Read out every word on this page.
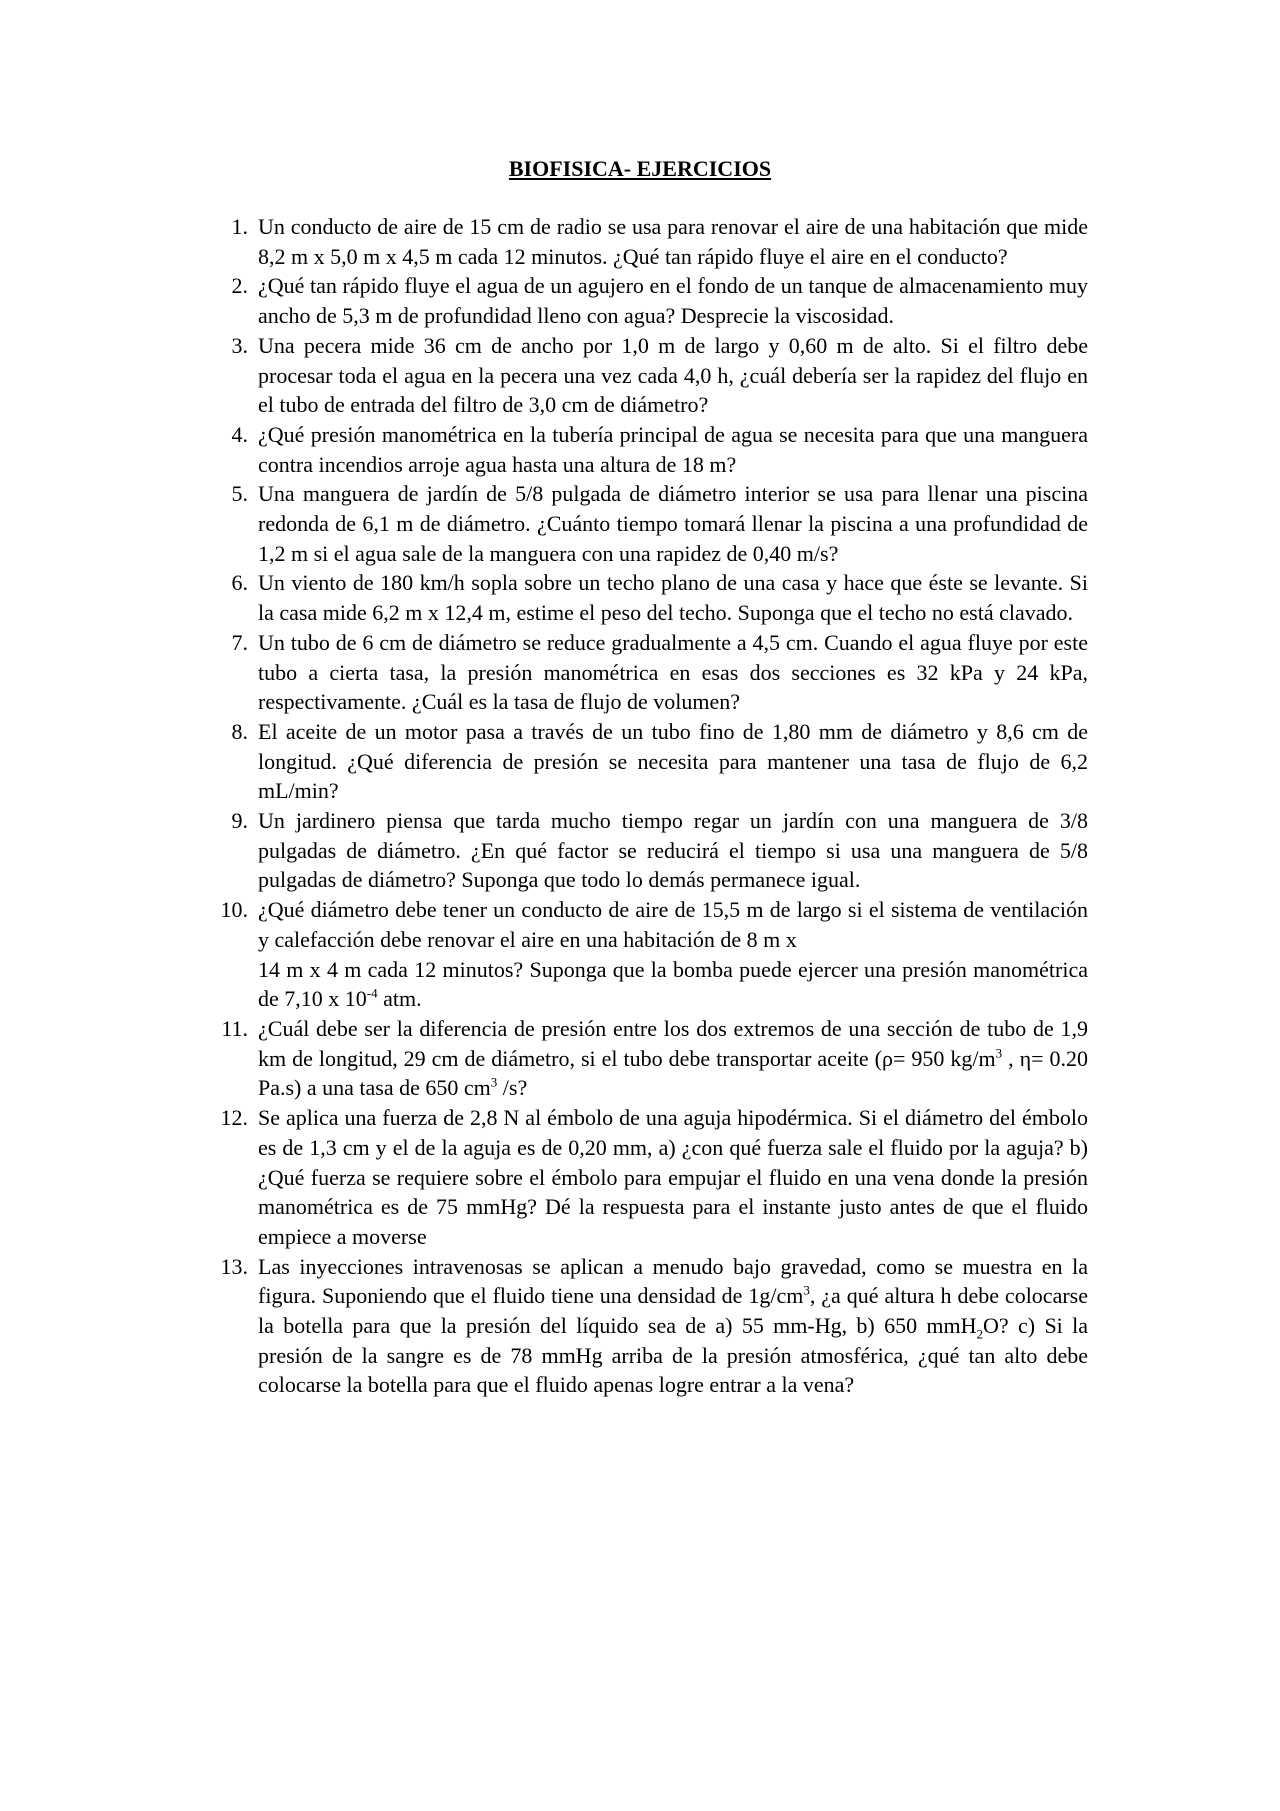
BIOFISICA- EJERCICIOS
1. Un conducto de aire de 15 cm de radio se usa para renovar el aire de una habitación que mide 8,2 m x 5,0 m x 4,5 m cada 12 minutos. ¿Qué tan rápido fluye el aire en el conducto?
2. ¿Qué tan rápido fluye el agua de un agujero en el fondo de un tanque de almacenamiento muy ancho de 5,3 m de profundidad lleno con agua? Desprecie la viscosidad.
3. Una pecera mide 36 cm de ancho por 1,0 m de largo y 0,60 m de alto. Si el filtro debe procesar toda el agua en la pecera una vez cada 4,0 h, ¿cuál debería ser la rapidez del flujo en el tubo de entrada del filtro de 3,0 cm de diámetro?
4. ¿Qué presión manométrica en la tubería principal de agua se necesita para que una manguera contra incendios arroje agua hasta una altura de 18 m?
5. Una manguera de jardín de 5/8 pulgada de diámetro interior se usa para llenar una piscina redonda de 6,1 m de diámetro. ¿Cuánto tiempo tomará llenar la piscina a una profundidad de 1,2 m si el agua sale de la manguera con una rapidez de 0,40 m/s?
6. Un viento de 180 km/h sopla sobre un techo plano de una casa y hace que éste se levante. Si la casa mide 6,2 m x 12,4 m, estime el peso del techo. Suponga que el techo no está clavado.
7. Un tubo de 6 cm de diámetro se reduce gradualmente a 4,5 cm. Cuando el agua fluye por este tubo a cierta tasa, la presión manométrica en esas dos secciones es 32 kPa y 24 kPa, respectivamente. ¿Cuál es la tasa de flujo de volumen?
8. El aceite de un motor pasa a través de un tubo fino de 1,80 mm de diámetro y 8,6 cm de longitud. ¿Qué diferencia de presión se necesita para mantener una tasa de flujo de 6,2 mL/min?
9. Un jardinero piensa que tarda mucho tiempo regar un jardín con una manguera de 3/8 pulgadas de diámetro. ¿En qué factor se reducirá el tiempo si usa una manguera de 5/8 pulgadas de diámetro? Suponga que todo lo demás permanece igual.
10. ¿Qué diámetro debe tener un conducto de aire de 15,5 m de largo si el sistema de ventilación y calefacción debe renovar el aire en una habitación de 8 m x
14 m x 4 m cada 12 minutos? Suponga que la bomba puede ejercer una presión manométrica de 7,10 x $10^{-4}$ atm.
11. ¿Cuál debe ser la diferencia de presión entre los dos extremos de una sección de tubo de 1,9 km de longitud, 29 cm de diámetro, si el tubo debe transportar aceite (ρ= 950 $kg/m^3$ , η= 0.20 Pa.s) a una tasa de 650 $cm^3$ /s?
12. Se aplica una fuerza de 2,8 N al émbolo de una aguja hipodérmica. Si el diámetro del émbolo es de 1,3 cm y el de la aguja es de 0,20 mm, a) ¿con qué fuerza sale el fluido por la aguja? b) ¿Qué fuerza se requiere sobre el émbolo para empujar el fluido en una vena donde la presión manométrica es de 75 mmHg? Dé la respuesta para el instante justo antes de que el fluido empiece a moverse
13. Las inyecciones intravenosas se aplican a menudo bajo gravedad, como se muestra en la figura. Suponiendo que el fluido tiene una densidad de $1g/cm^3$, ¿a qué altura h debe colocarse la botella para que la presión del líquido sea de a) 55 mm-Hg, b) 650 mmH$_2$O? c) Si la presión de la sangre es de 78 mmHg arriba de la presión atmosférica, ¿qué tan alto debe colocarse la botella para que el fluido apenas logre entrar a la vena?
